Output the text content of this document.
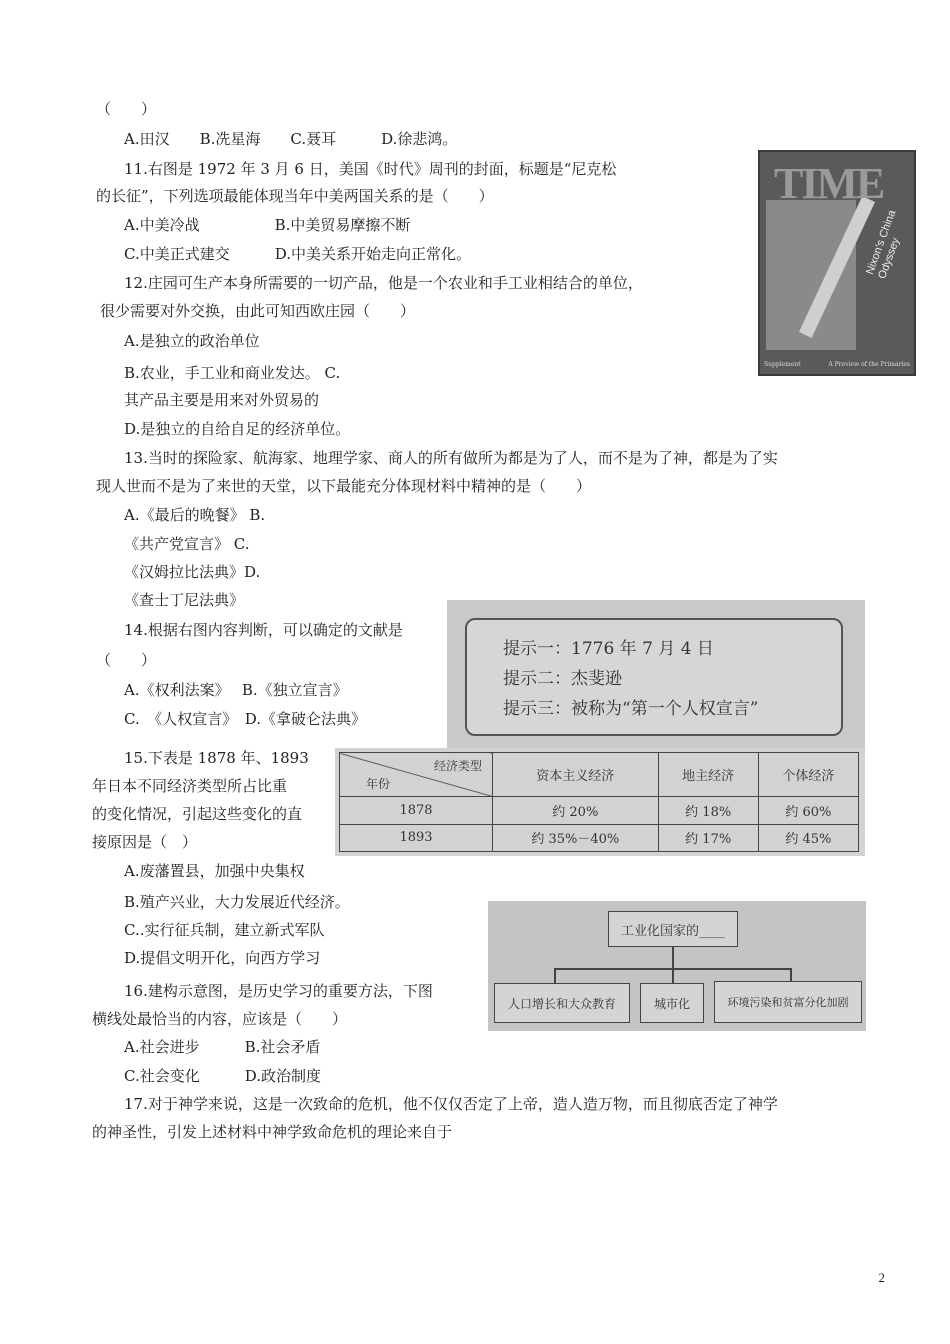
（　　）
A.田汉　　B.冼星海　　C.聂耳　　　D.徐悲鸿。
11.右图是 1972 年 3 月 6 日，美国《时代》周刊的封面，标题是“尼克松
的长征”，下列选项最能体现当年中美两国关系的是（　　）
A.中美冷战　　　　　B.中美贸易摩擦不断
C.中美正式建交　　　D.中美关系开始走向正常化。
12.庄园可生产本身所需要的一切产品，他是一个农业和手工业相结合的单位，
很少需要对外交换，由此可知西欧庄园（　　）
A.是独立的政治单位
B.农业，手工业和商业发达。 C.
其产品主要是用来对外贸易的
D.是独立的自给自足的经济单位。
13.当时的探险家、航海家、地理学家、商人的所有做所为都是为了人，而不是为了神，都是为了实
现人世而不是为了来世的天堂，以下最能充分体现材料中精神的是（　　）
A.《最后的晚餐》 B.
《共产党宣言》 C.
《汉姆拉比法典》D.
《查士丁尼法典》
14.根据右图内容判断，可以确定的文献是
（　　）
A.《权利法案》　 B.《独立宣言》
C.　《人权宣言》　D.《拿破仑法典》
15.下表是 1878 年、1893
年日本不同经济类型所占比重
的变化情况，引起这些变化的直
接原因是（　）
A.废藩置县，加强中央集权
B.殖产兴业，大力发展近代经济。
C..实行征兵制，建立新式军队
D.提倡文明开化，向西方学习
16.建构示意图，是历史学习的重要方法，下图
横线处最恰当的内容，应该是（　　）
A.社会进步　　　B.社会矛盾
C.社会变化　　　D.政治制度
17.对于神学来说，这是一次致命的危机，他不仅仅否定了上帝，造人造万物，而且彻底否定了神学
的神圣性，引发上述材料中神学致命危机的理论来自于
TIME
Nixon's China Odyssey
Supplement	A Preview of the Primaries
提示一：1776 年 7 月 4 日
提示二：杰斐逊
提示三：被称为“第一个人权宣言”
经济类型
年份	资本主义经济	地主经济	个体经济
1878	约 20%	约 18%	约 60%
1893	约 35%－40%	约 17%	约 45%
工业化国家的____
人口增长和大众教育	城市化	环境污染和贫富分化加剧
2
